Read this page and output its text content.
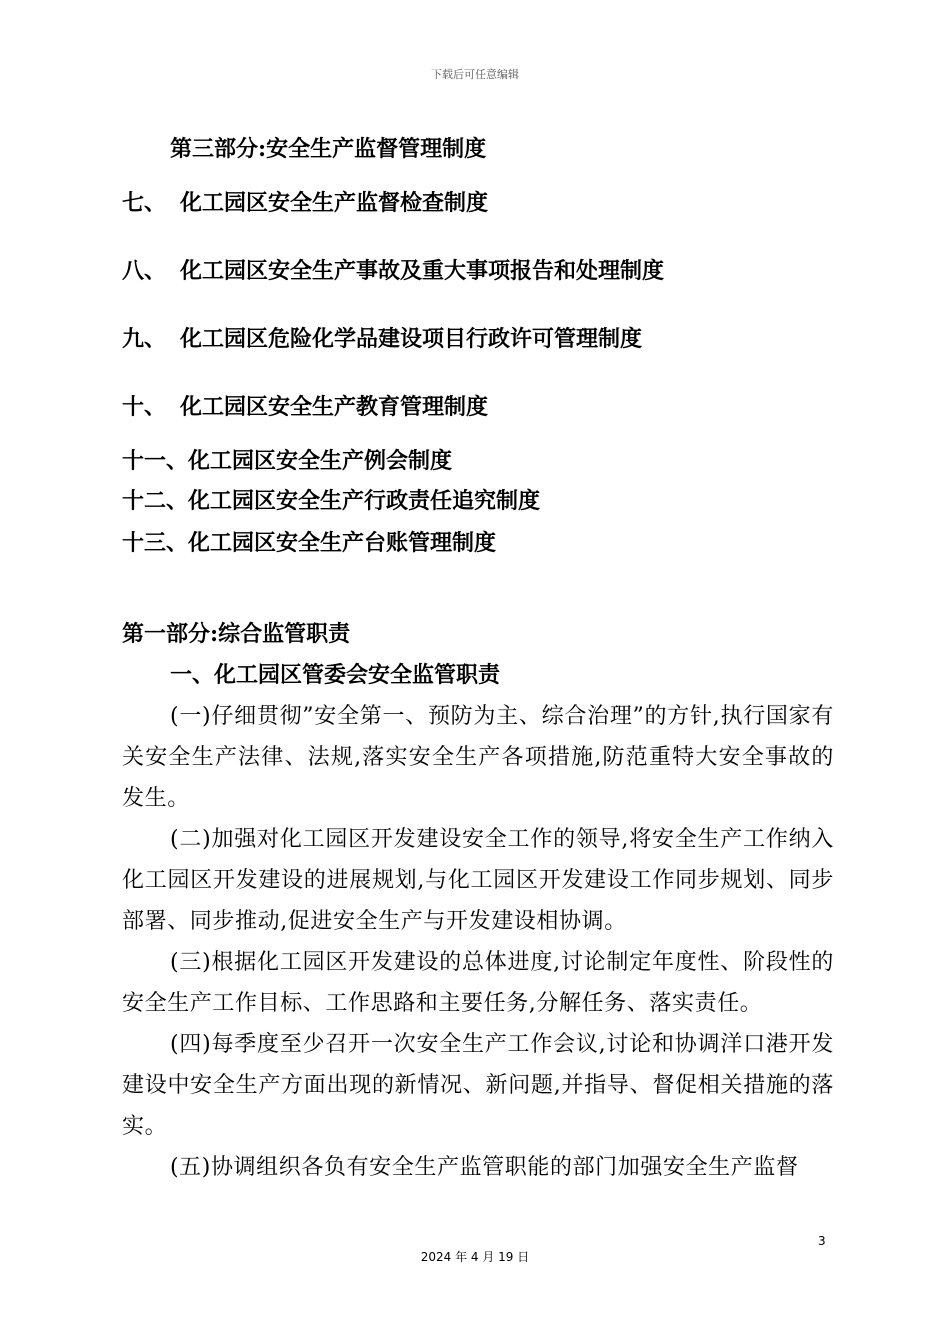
下载后可任意编辑
第三部分:安全生产监督管理制度
七、 化工园区安全生产监督检查制度
八、 化工园区安全生产事故及重大事项报告和处理制度
九、 化工园区危险化学品建设项目行政许可管理制度
十、 化工园区安全生产教育管理制度
十一、化工园区安全生产例会制度
十二、化工园区安全生产行政责任追究制度
十三、化工园区安全生产台账管理制度
第一部分:综合监管职责
一、化工园区管委会安全监管职责
(一)仔细贯彻”安全第一、预防为主、综合治理”的方针,执行国家有关安全生产法律、法规,落实安全生产各项措施,防范重特大安全事故的发生。
(二)加强对化工园区开发建设安全工作的领导,将安全生产工作纳入化工园区开发建设的进展规划,与化工园区开发建设工作同步规划、同步部署、同步推动,促进安全生产与开发建设相协调。
(三)根据化工园区开发建设的总体进度,讨论制定年度性、阶段性的安全生产工作目标、工作思路和主要任务,分解任务、落实责任。
(四)每季度至少召开一次安全生产工作会议,讨论和协调洋口港开发建设中安全生产方面出现的新情况、新问题,并指导、督促相关措施的落实。
(五)协调组织各负有安全生产监管职能的部门加强安全生产监督
3
2024 年 4 月 19 日
